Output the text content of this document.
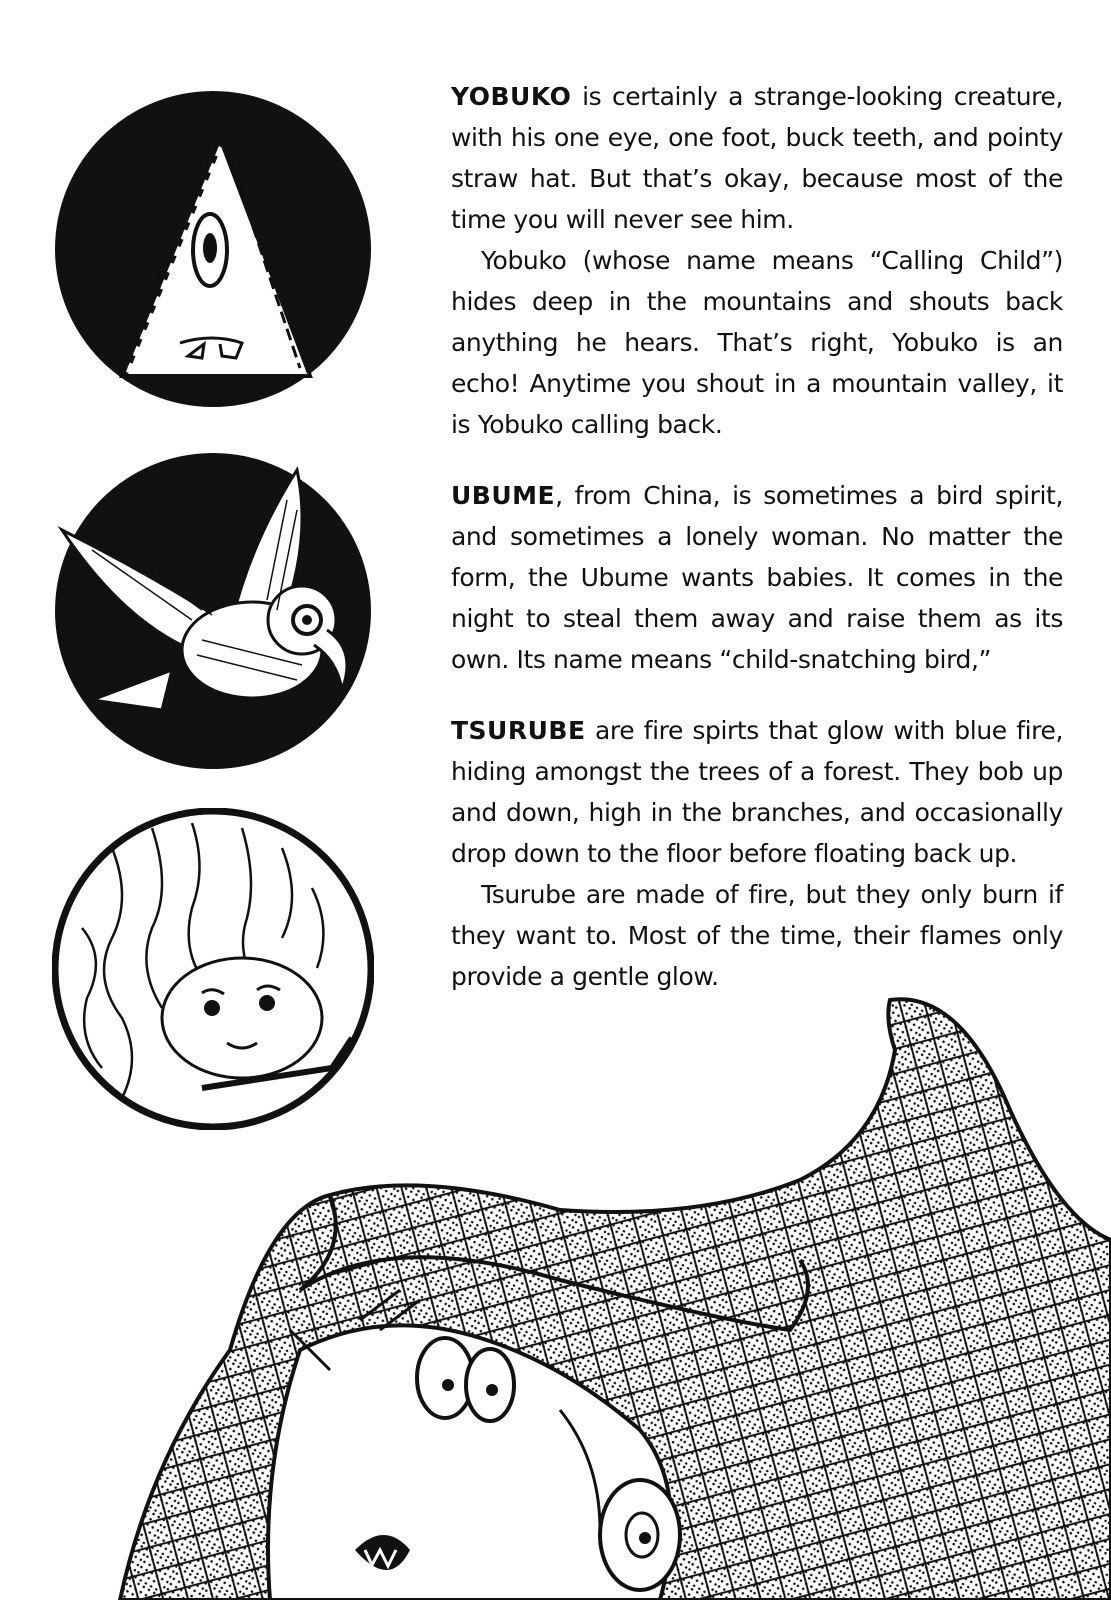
YOBUKO is certainly a strange-looking creature, with his one eye, one foot, buck teeth, and pointy straw hat. But that’s okay, because most of the time you will never see him.

Yobuko (whose name means “Calling Child”) hides deep in the mountains and shouts back anything he hears. That’s right, Yobuko is an echo! Anytime you shout in a mountain valley, it is Yobuko calling back.

UBUME, from China, is sometimes a bird spirit, and sometimes a lonely woman. No matter the form, the Ubume wants babies. It comes in the night to steal them away and raise them as its own. Its name means “child-snatching bird,”

TSURUBE are fire spirts that glow with blue fire, hiding amongst the trees of a forest. They bob up and down, high in the branches, and occasionally drop down to the floor before floating back up.

Tsurube are made of fire, but they only burn if they want to. Most of the time, their flames only provide a gentle glow.
